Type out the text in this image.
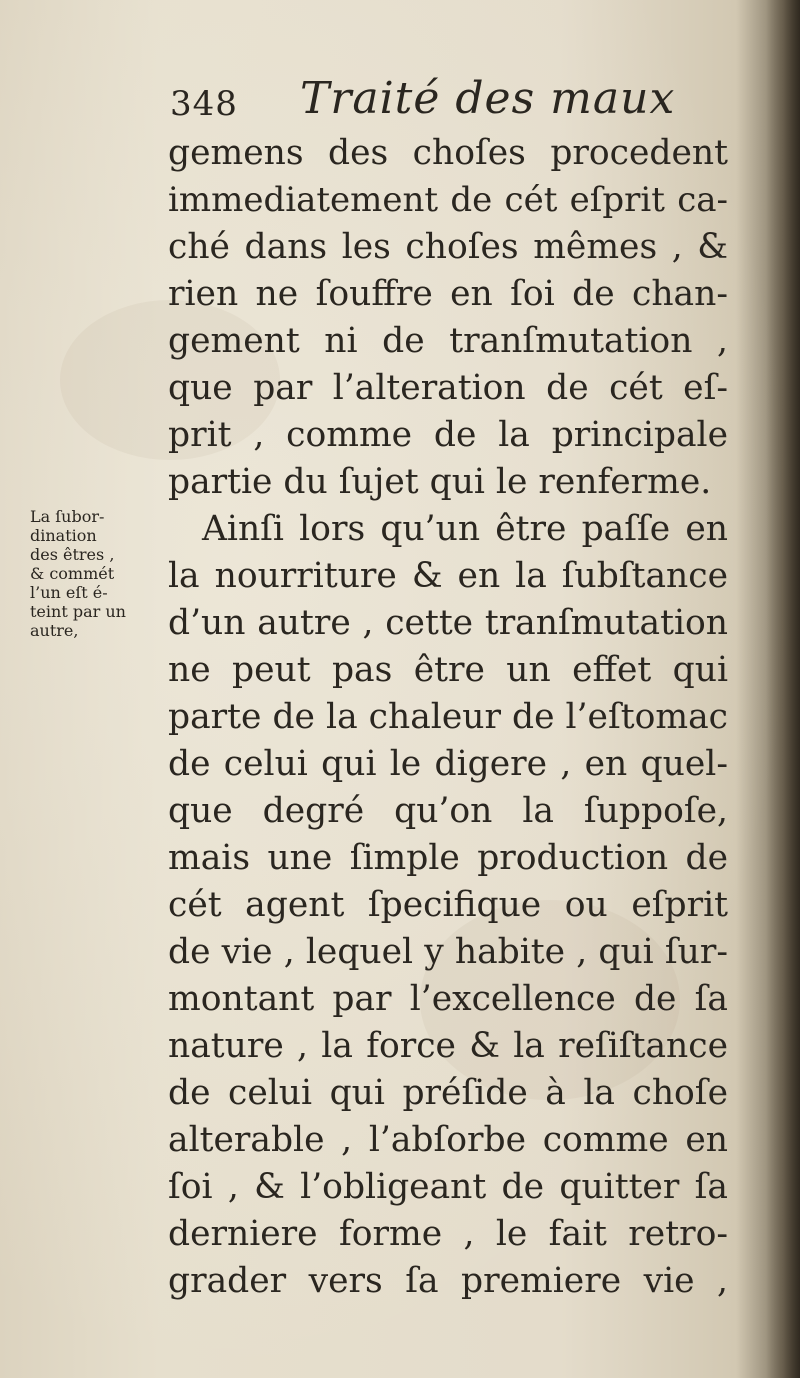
348 Traité des maux
La ſubor-
dination
des êtres ,
& commét
l’un eſt é-
teint par un
autre,
gemens des choſes procedent
immediatement de cét eſprit ca-
ché dans les choſes mêmes , &
rien ne ſouffre en ſoi de chan-
gement ni de tranſmutation ,
que par l’alteration de cét eſ-
prit , comme de la principale
partie du ſujet qui le renferme.
Ainſi lors qu’un être paſſe en
la nourriture & en la ſubſtance
d’un autre , cette tranſmutation
ne peut pas être un effet qui
parte de la chaleur de l’eſtomac
de celui qui le digere , en quel-
que degré qu’on la ſuppoſe,
mais une ſimple production de
cét agent ſpecifique ou eſprit
de vie , lequel y habite , qui ſur-
montant par l’excellence de ſa
nature , la force & la reſiſtance
de celui qui préſide à la choſe
alterable , l’abſorbe comme en
ſoi , & l’obligeant de quitter ſa
derniere forme , le fait retro-
grader vers ſa premiere vie ,
